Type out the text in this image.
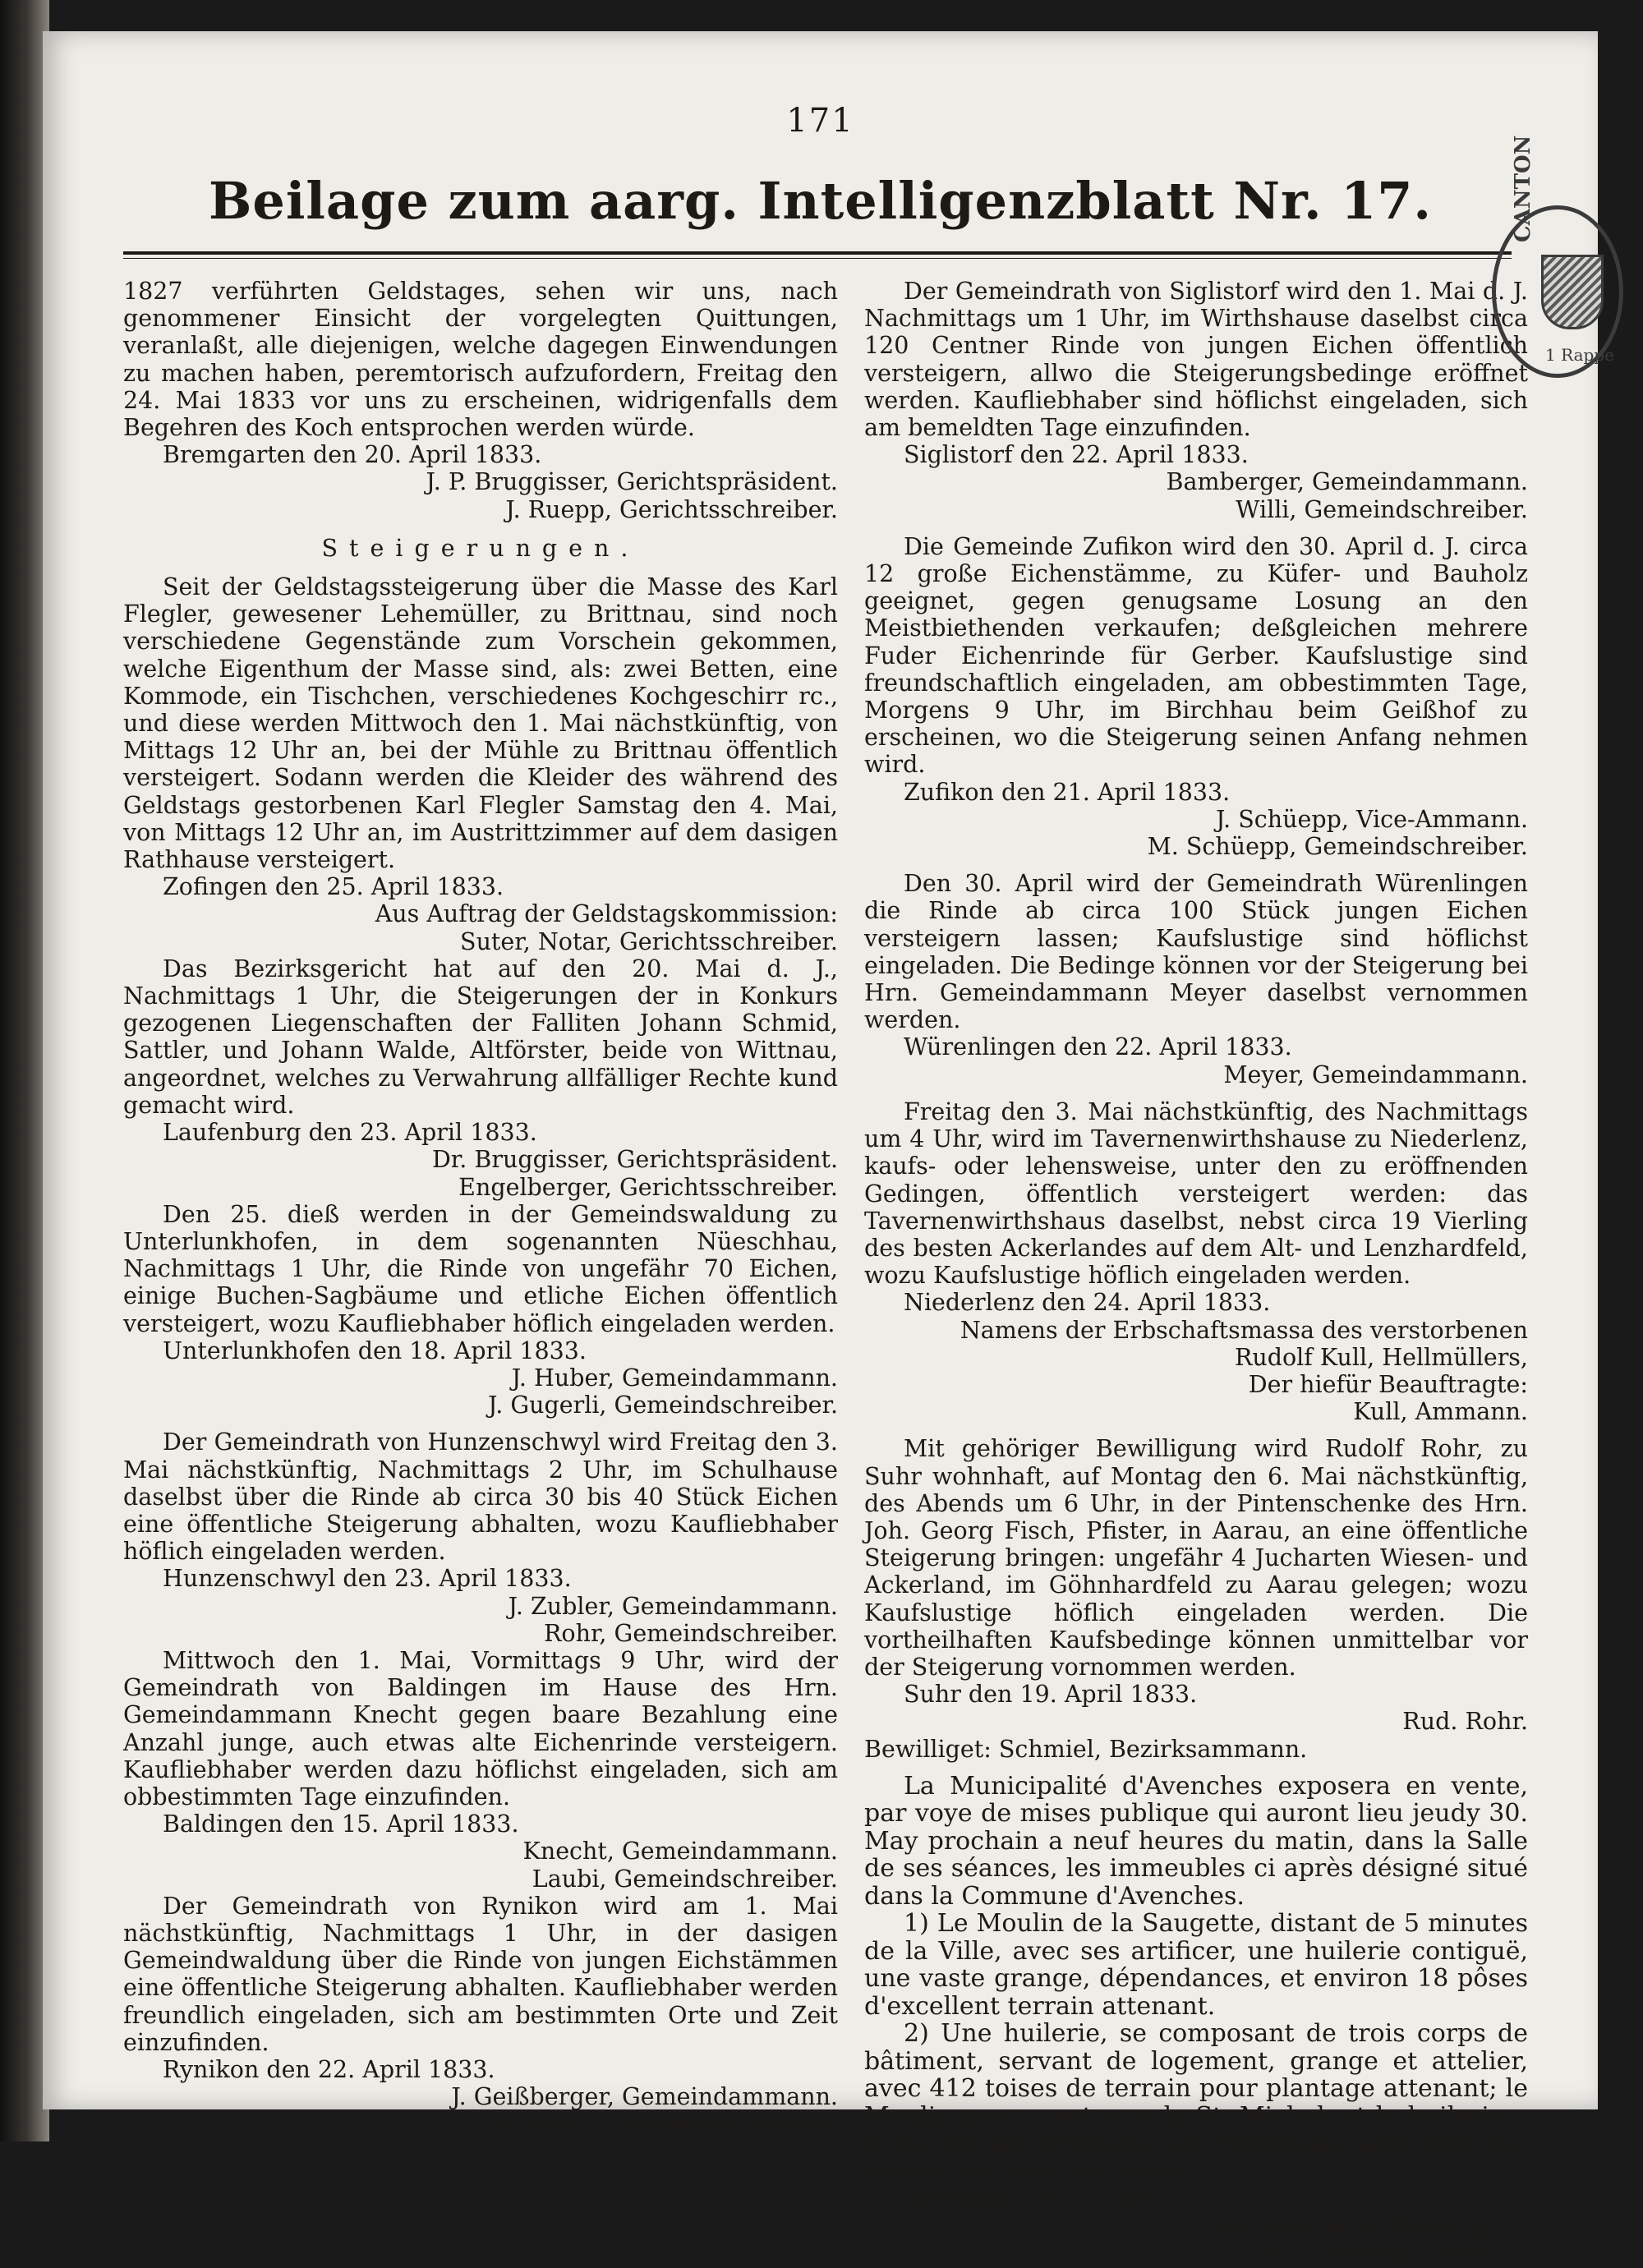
171
Beilage zum aarg. Intelligenzblatt Nr. 17.

1827 verführten Geldstages, sehen wir uns, nach genommener Einsicht der vorgelegten Quittungen, veranlaßt, alle diejenigen, welche dagegen Einwendungen zu machen haben, peremtorisch aufzufordern, Freitag den 24. Mai 1833 vor uns zu erscheinen, widrigenfalls dem Begehren des Koch entsprochen werden würde.

Bremgarten den 20. April 1833.

J. P. Bruggisser, Gerichtspräsident.

J. Ruepp, Gerichtsschreiber.

Steigerungen.

Seit der Geldstagssteigerung über die Masse des Karl Flegler, gewesener Lehemüller, zu Brittnau, sind noch verschiedene Gegenstände zum Vorschein gekommen, welche Eigenthum der Masse sind, als: zwei Betten, eine Kommode, ein Tischchen, verschiedenes Kochgeschirr rc., und diese werden Mittwoch den 1. Mai nächstkünftig, von Mittags 12 Uhr an, bei der Mühle zu Brittnau öffentlich versteigert. Sodann werden die Kleider des während des Geldstags gestorbenen Karl Flegler Samstag den 4. Mai, von Mittags 12 Uhr an, im Austrittzimmer auf dem dasigen Rathhause versteigert.

Zofingen den 25. April 1833.

Aus Auftrag der Geldstagskommission:

Suter, Notar, Gerichtsschreiber.

Das Bezirksgericht hat auf den 20. Mai d. J., Nachmittags 1 Uhr, die Steigerungen der in Konkurs gezogenen Liegenschaften der Falliten Johann Schmid, Sattler, und Johann Walde, Altförster, beide von Wittnau, angeordnet, welches zu Verwahrung allfälliger Rechte kund gemacht wird.

Laufenburg den 23. April 1833.

Dr. Bruggisser, Gerichtspräsident.

Engelberger, Gerichtsschreiber.

Den 25. dieß werden in der Gemeindswaldung zu Unterlunkhofen, in dem sogenannten Nüeschhau, Nachmittags 1 Uhr, die Rinde von ungefähr 70 Eichen, einige Buchen-Sagbäume und etliche Eichen öffentlich versteigert, wozu Kaufliebhaber höflich eingeladen werden.

Unterlunkhofen den 18. April 1833.

J. Huber, Gemeindammann.

J. Gugerli, Gemeindschreiber.

Der Gemeindrath von Hunzenschwyl wird Freitag den 3. Mai nächstkünftig, Nachmittags 2 Uhr, im Schulhause daselbst über die Rinde ab circa 30 bis 40 Stück Eichen eine öffentliche Steigerung abhalten, wozu Kaufliebhaber höflich eingeladen werden.

Hunzenschwyl den 23. April 1833.

J. Zubler, Gemeindammann.

Rohr, Gemeindschreiber.

Mittwoch den 1. Mai, Vormittags 9 Uhr, wird der Gemeindrath von Baldingen im Hause des Hrn. Gemeindammann Knecht gegen baare Bezahlung eine Anzahl junge, auch etwas alte Eichenrinde versteigern. Kaufliebhaber werden dazu höflichst eingeladen, sich am obbestimmten Tage einzufinden.

Baldingen den 15. April 1833.

Knecht, Gemeindammann.

Laubi, Gemeindschreiber.

Der Gemeindrath von Rynikon wird am 1. Mai nächstkünftig, Nachmittags 1 Uhr, in der dasigen Gemeindwaldung über die Rinde von jungen Eichstämmen eine öffentliche Steigerung abhalten. Kaufliebhaber werden freundlich eingeladen, sich am bestimmten Orte und Zeit einzufinden.

Rynikon den 22. April 1833.

J. Geißberger, Gemeindammann.

M. Obrist, Gemeindschreiber.

Der Gemeindrath von Siglistorf wird den 1. Mai d. J. Nachmittags um 1 Uhr, im Wirthshause daselbst circa 120 Centner Rinde von jungen Eichen öffentlich versteigern, allwo die Steigerungsbedinge eröffnet werden. Kaufliebhaber sind höflichst eingeladen, sich am bemeldten Tage einzufinden.

Siglistorf den 22. April 1833.

Bamberger, Gemeindammann.

Willi, Gemeindschreiber.

Die Gemeinde Zufikon wird den 30. April d. J. circa 12 große Eichenstämme, zu Küfer- und Bauholz geeignet, gegen genugsame Losung an den Meistbiethenden verkaufen; deßgleichen mehrere Fuder Eichenrinde für Gerber. Kaufslustige sind freundschaftlich eingeladen, am obbestimmten Tage, Morgens 9 Uhr, im Birchhau beim Geißhof zu erscheinen, wo die Steigerung seinen Anfang nehmen wird.

Zufikon den 21. April 1833.

J. Schüepp, Vice-Ammann.

M. Schüepp, Gemeindschreiber.

Den 30. April wird der Gemeindrath Würenlingen die Rinde ab circa 100 Stück jungen Eichen versteigern lassen; Kaufslustige sind höflichst eingeladen. Die Bedinge können vor der Steigerung bei Hrn. Gemeindammann Meyer daselbst vernommen werden.

Würenlingen den 22. April 1833.

Meyer, Gemeindammann.

Freitag den 3. Mai nächstkünftig, des Nachmittags um 4 Uhr, wird im Tavernenwirthshause zu Niederlenz, kaufs- oder lehensweise, unter den zu eröffnenden Gedingen, öffentlich versteigert werden: das Tavernenwirthshaus daselbst, nebst circa 19 Vierling des besten Ackerlandes auf dem Alt- und Lenzhardfeld, wozu Kaufslustige höflich eingeladen werden.

Niederlenz den 24. April 1833.

Namens der Erbschaftsmassa des verstorbenen

Rudolf Kull, Hellmüllers,

Der hiefür Beauftragte:

Kull, Ammann.

Mit gehöriger Bewilligung wird Rudolf Rohr, zu Suhr wohnhaft, auf Montag den 6. Mai nächstkünftig, des Abends um 6 Uhr, in der Pintenschenke des Hrn. Joh. Georg Fisch, Pfister, in Aarau, an eine öffentliche Steigerung bringen: ungefähr 4 Jucharten Wiesen- und Ackerland, im Göhnhardfeld zu Aarau gelegen; wozu Kaufslustige höflich eingeladen werden. Die vortheilhaften Kaufsbedinge können unmittelbar vor der Steigerung vornommen werden.

Suhr den 19. April 1833.

Rud. Rohr.

Bewilliget: Schmiel, Bezirksammann.

La Municipalité d'Avenches exposera en vente, par voye de mises publique qui auront lieu jeudy 30. May prochain a neuf heures du matin, dans la Salle de ses séances, les immeubles ci après désigné situé dans la Commune d'Avenches.

1) Le Moulin de la Saugette, distant de 5 minutes de la Ville, avec ses artificer, une huilerie contiguë, une vaste grange, dépendances, et environ 18 pôses d'excellent terrain attenant.

2) Une huilerie, se composant de trois corps de bâtiment, servant de logement, grange et attelier, avec 412 toises de terrain pour plantage attenant; le Moulin pour y entrer a la St. Michel, et la huilerie a la St. Martin prochain, aux conditions favorables qui seront lue avant les mises.

Avenches le 15. Avril 1833.

Au nom de la Municip.

Sl. Fornerod, Secr.

CANTON
1 Rappe
